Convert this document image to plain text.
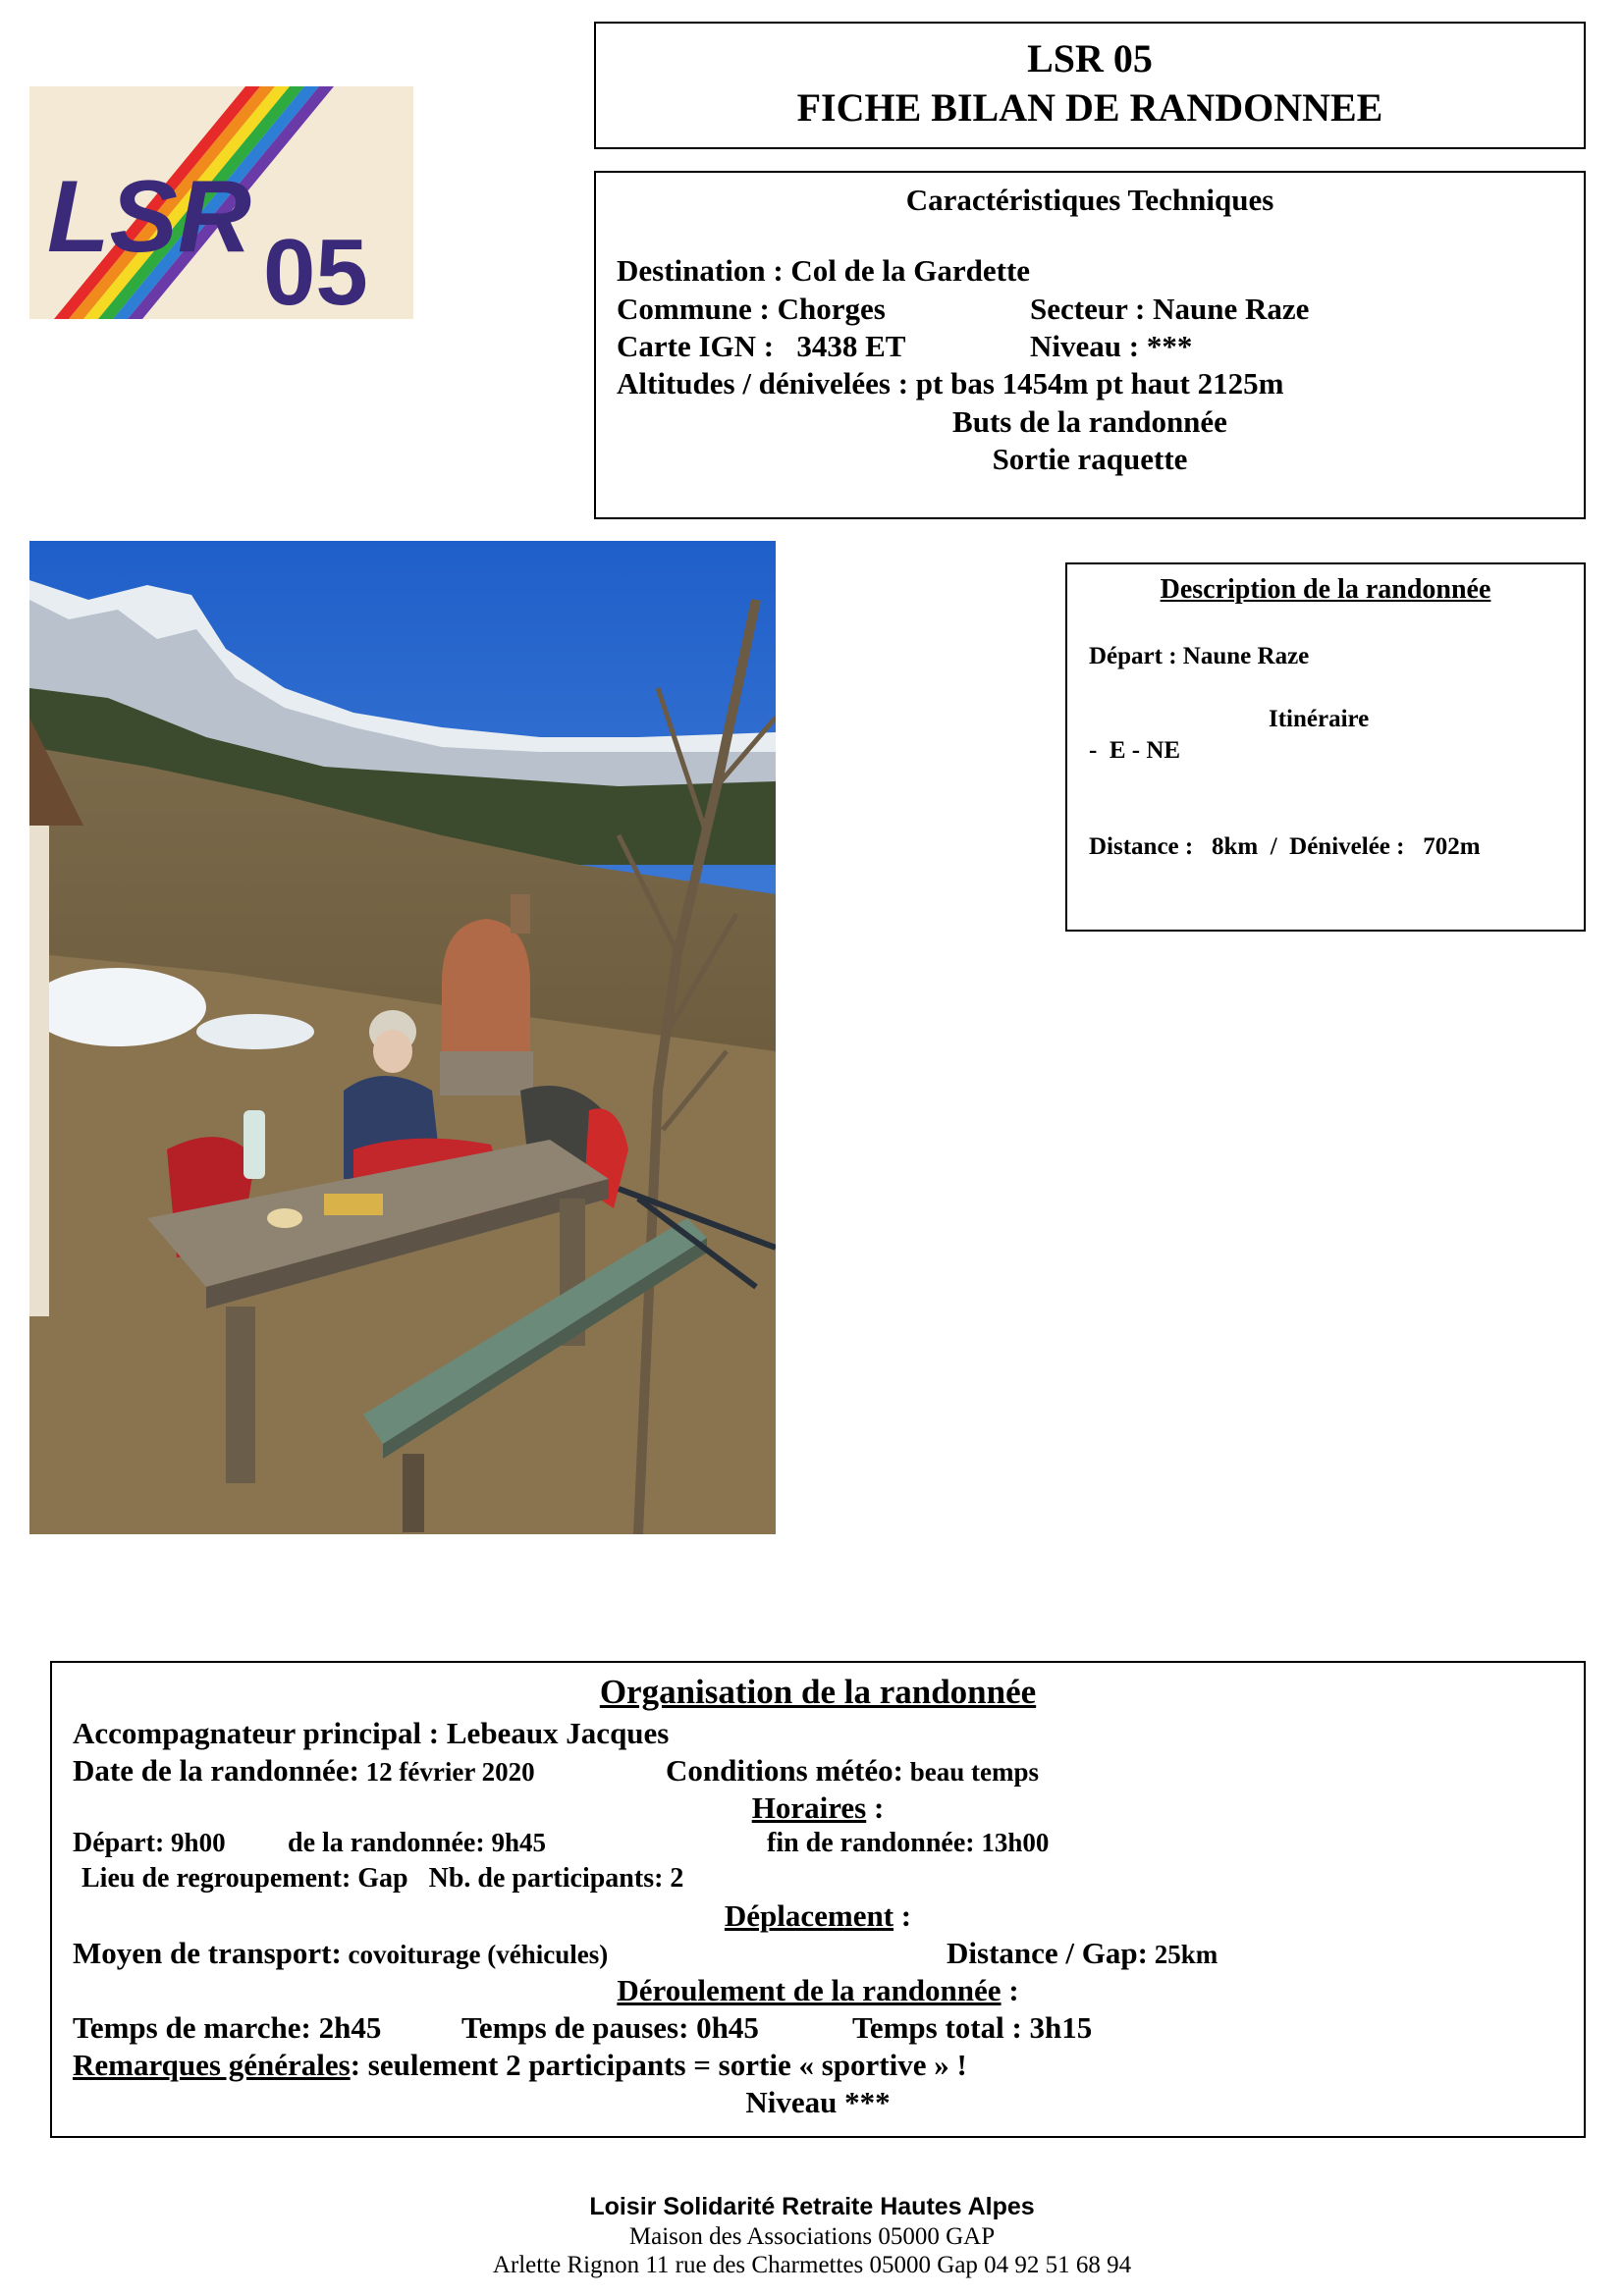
LSR 05
LSR 05
FICHE BILAN DE RANDONNEE
Caractéristiques Techniques
Destination : Col de la Gardette
Commune : Chorges	Secteur : Naune Raze
Carte IGN :   3438 ET	Niveau : ***
Altitudes / dénivelées : pt bas 1454m pt haut 2125m
Buts de la randonnée
Sortie raquette
Description de la randonnée
Départ : Naune Raze
Itinéraire
-  E - NE
Distance :   8km  /  Dénivelée :   702m
Organisation de la randonnée
Accompagnateur principal : Lebeaux Jacques
Date de la randonnée: 12 février 2020	Conditions météo: beau temps
Horaires :
Départ: 9h00 de la randonnée: 9h45	fin de randonnée: 13h00
Lieu de regroupement: Gap   Nb. de participants: 2
Déplacement :
Moyen de transport: covoiturage (véhicules)	Distance / Gap: 25km
Déroulement de la randonnée :
Temps de marche: 2h45	Temps de pauses: 0h45	Temps total : 3h15
Remarques générales: seulement 2 participants = sortie « sportive » !
Niveau ***
Loisir Solidarité Retraite Hautes Alpes
Maison des Associations 05000 GAP
Arlette Rignon 11 rue des Charmettes 05000 Gap 04 92 51 68 94
